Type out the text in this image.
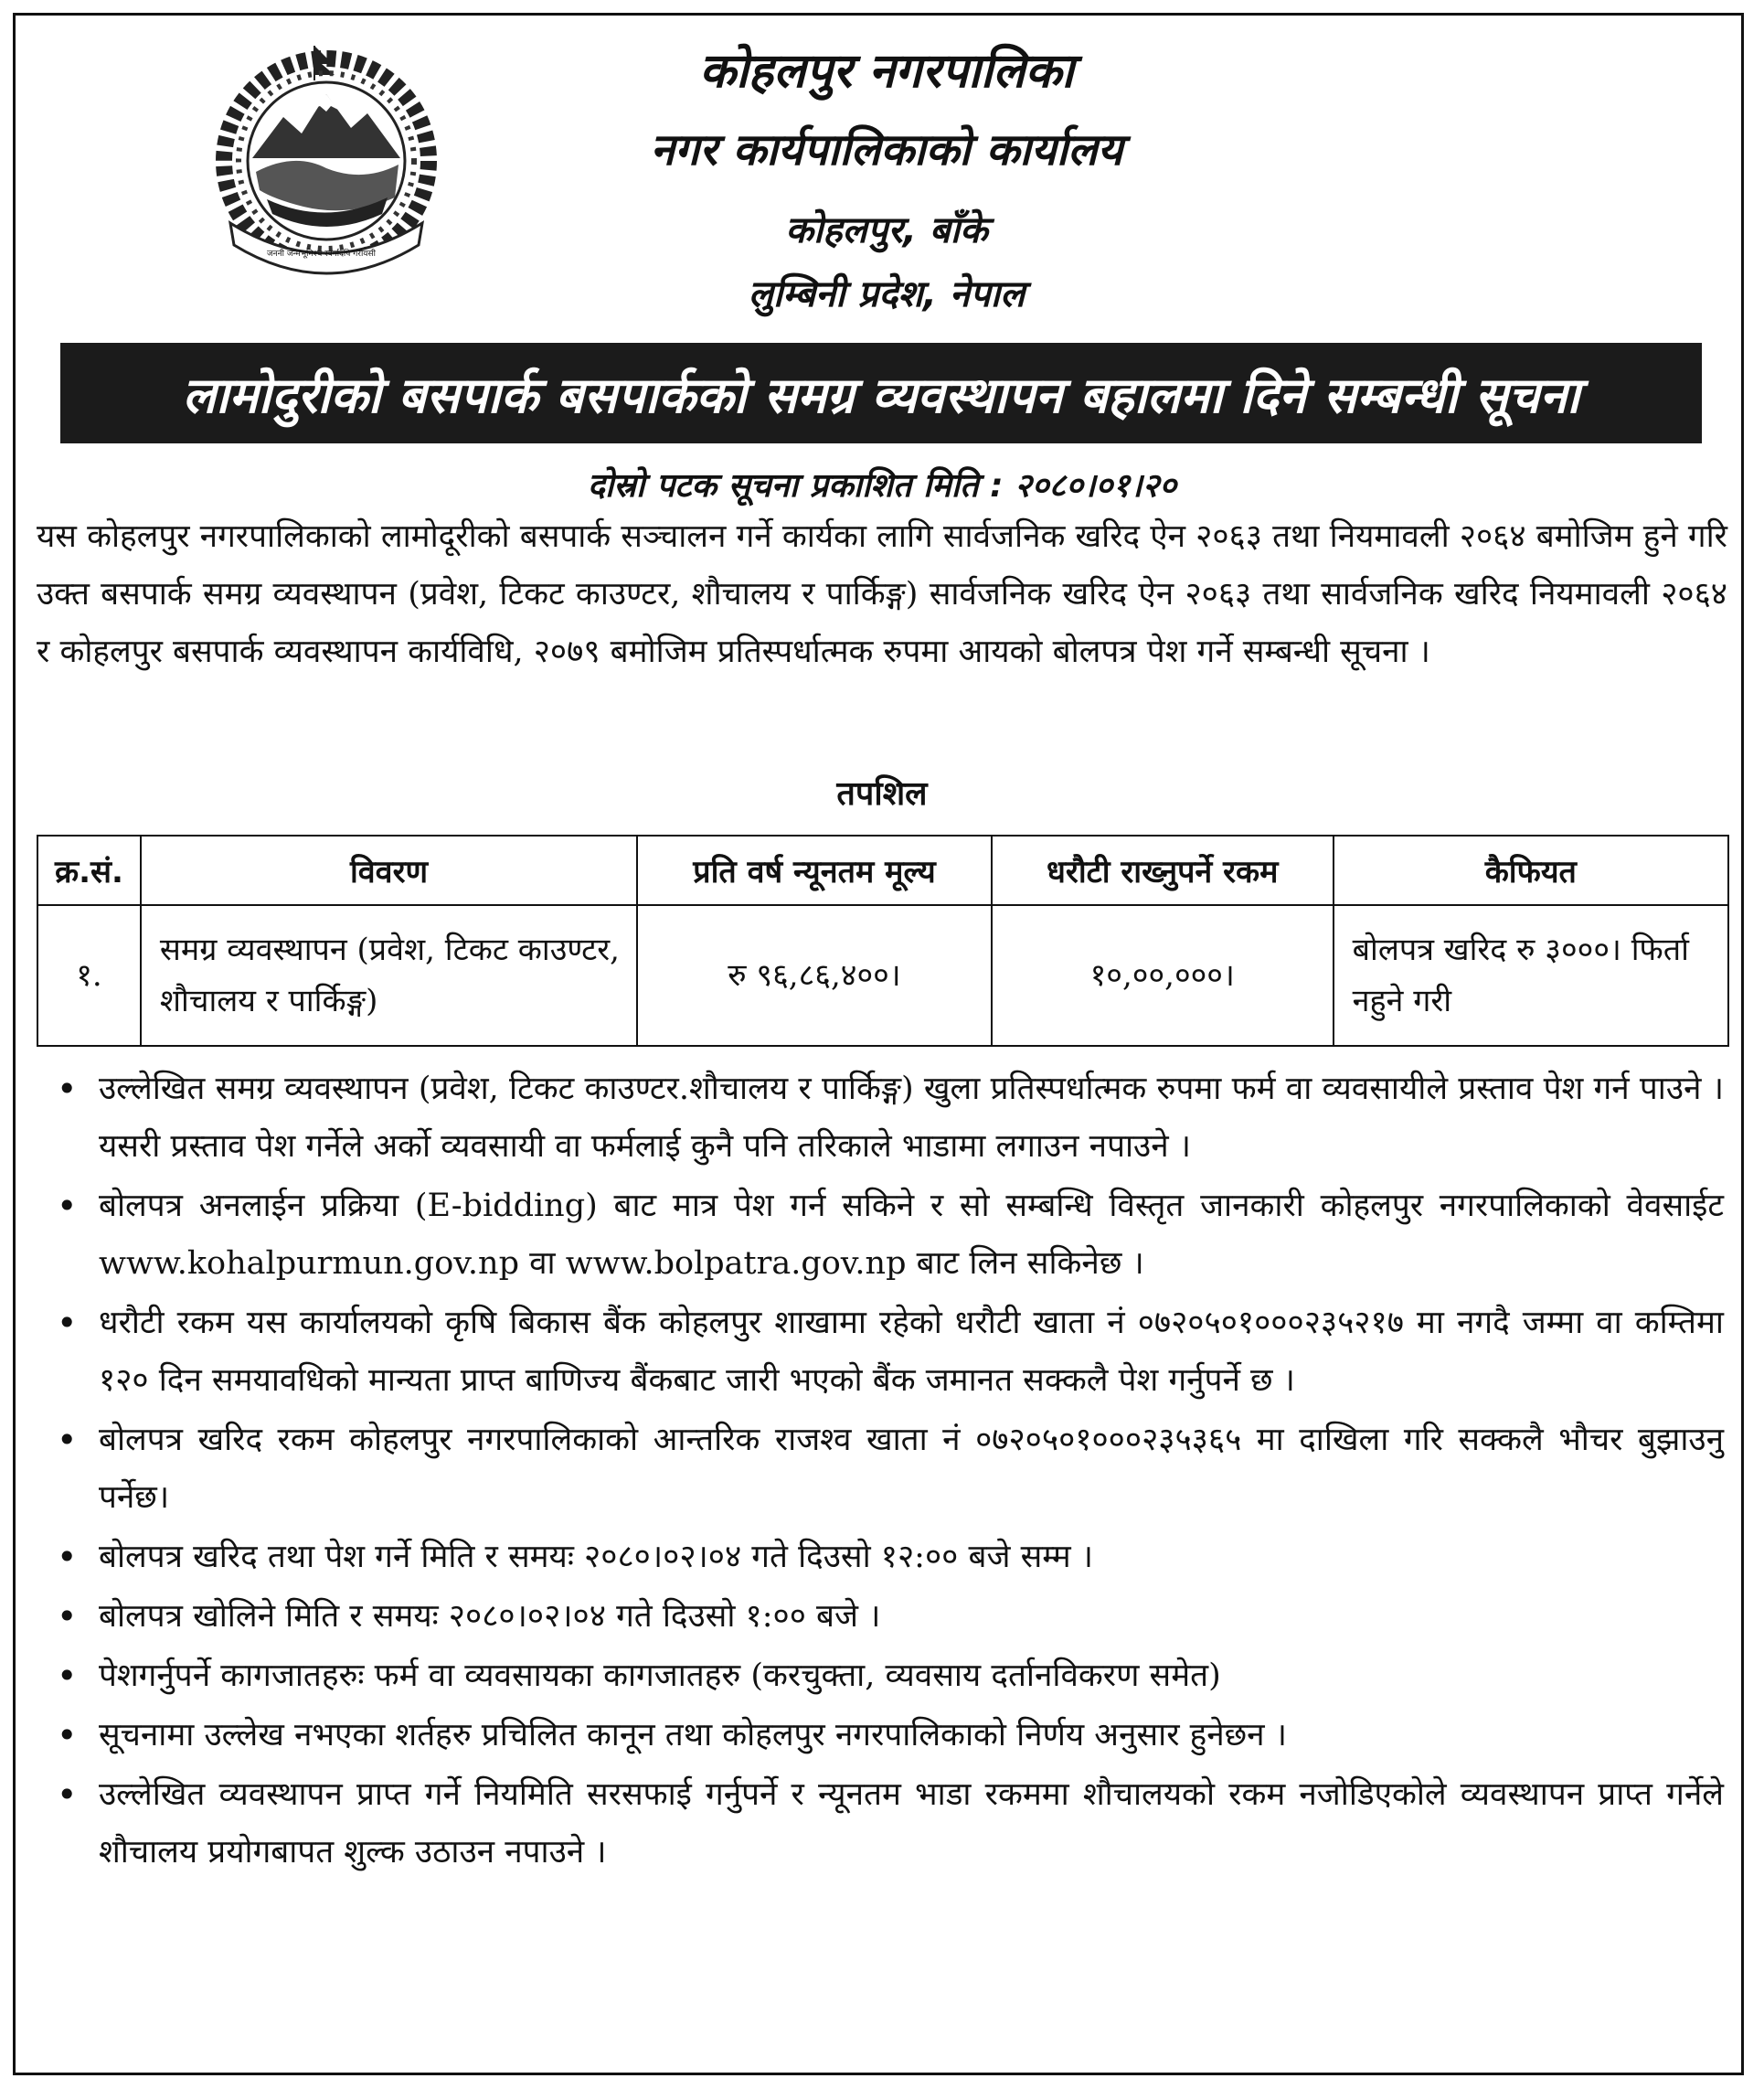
जननी जन्मभूमिश्च स्वर्गादपि गरीयसी
कोहलपुर नगरपालिका
नगर कार्यपालिकाको कार्यालय
कोहलपुर, बाँके
लुम्बिनी प्रदेश, नेपाल
लामोदुरीको बसपार्क बसपार्कको समग्र व्यवस्थापन बहालमा दिने सम्बन्धी सूचना
दोस्रो पटक सूचना प्रकाशित मिति : २०८०।०१।२०
यस कोहलपुर नगरपालिकाको लामोदूरीको बसपार्क सञ्चालन गर्ने कार्यका लागि सार्वजनिक खरिद ऐन २०६३ तथा नियमावली २०६४ बमोजिम हुने गरि उक्त बसपार्क समग्र व्यवस्थापन (प्रवेश, टिकट काउण्टर, शौचालय र पार्किङ्ग) सार्वजनिक खरिद ऐन २०६३ तथा सार्वजनिक खरिद नियमावली २०६४ र कोहलपुर बसपार्क व्यवस्थापन कार्यविधि, २०७९ बमोजिम प्रतिस्पर्धात्मक रुपमा आयको बोलपत्र पेश गर्ने सम्बन्धी सूचना ।
तपशिल
क्र.सं.	विवरण	प्रति वर्ष न्यूनतम मूल्य	धरौटी राख्नुपर्ने रकम	कैफियत
१.	समग्र व्यवस्थापन (प्रवेश, टिकट काउण्टर, शौचालय र पार्किङ्ग)	रु ९६,८६,४००।	१०,००,०००।	बोलपत्र खरिद रु ३०००। फिर्ता नहुने गरी
• उल्लेखित समग्र व्यवस्थापन (प्रवेश, टिकट काउण्टर.शौचालय र पार्किङ्ग) खुला प्रतिस्पर्धात्मक रुपमा फर्म वा व्यवसायीले प्रस्ताव पेश गर्न पाउने । यसरी प्रस्ताव पेश गर्नेले अर्को व्यवसायी वा फर्मलाई कुनै पनि तरिकाले भाडामा लगाउन नपाउने ।
• बोलपत्र अनलाईन प्रक्रिया (E-bidding) बाट मात्र पेश गर्न सकिने र सो सम्बन्धि विस्तृत जानकारी कोहलपुर नगरपालिकाको वेवसाईट www.kohalpurmun.gov.np वा www.bolpatra.gov.np बाट लिन सकिनेछ ।
• धरौटी रकम यस कार्यालयको कृषि बिकास बैंक कोहलपुर शाखामा रहेको धरौटी खाता नं ०७२०५०१०००२३५२१७ मा नगदै जम्मा वा कम्तिमा १२० दिन समयावधिको मान्यता प्राप्त बाणिज्य बैंकबाट जारी भएको बैंक जमानत सक्कलै पेश गर्नुपर्ने छ ।
• बोलपत्र खरिद रकम कोहलपुर नगरपालिकाको आन्तरिक राजश्व खाता नं ०७२०५०१०००२३५३६५ मा दाखिला गरि सक्कलै भौचर बुझाउनु पर्नेछ।
• बोलपत्र खरिद तथा पेश गर्ने मिति र समयः २०८०।०२।०४ गते दिउसो १२:०० बजे सम्म ।
• बोलपत्र खोलिने मिति र समयः २०८०।०२।०४ गते दिउसो १:०० बजे ।
• पेशगर्नुपर्ने कागजातहरुः फर्म वा व्यवसायका कागजातहरु (करचुक्ता, व्यवसाय दर्तानविकरण समेत)
• सूचनामा उल्लेख नभएका शर्तहरु प्रचिलित कानून तथा कोहलपुर नगरपालिकाको निर्णय अनुसार हुनेछन ।
• उल्लेखित व्यवस्थापन प्राप्त गर्ने नियमिति सरसफाई गर्नुपर्ने र न्यूनतम भाडा रकममा शौचालयको रकम नजोडिएकोले व्यवस्थापन प्राप्त गर्नेले शौचालय प्रयोगबापत शुल्क उठाउन नपाउने ।
